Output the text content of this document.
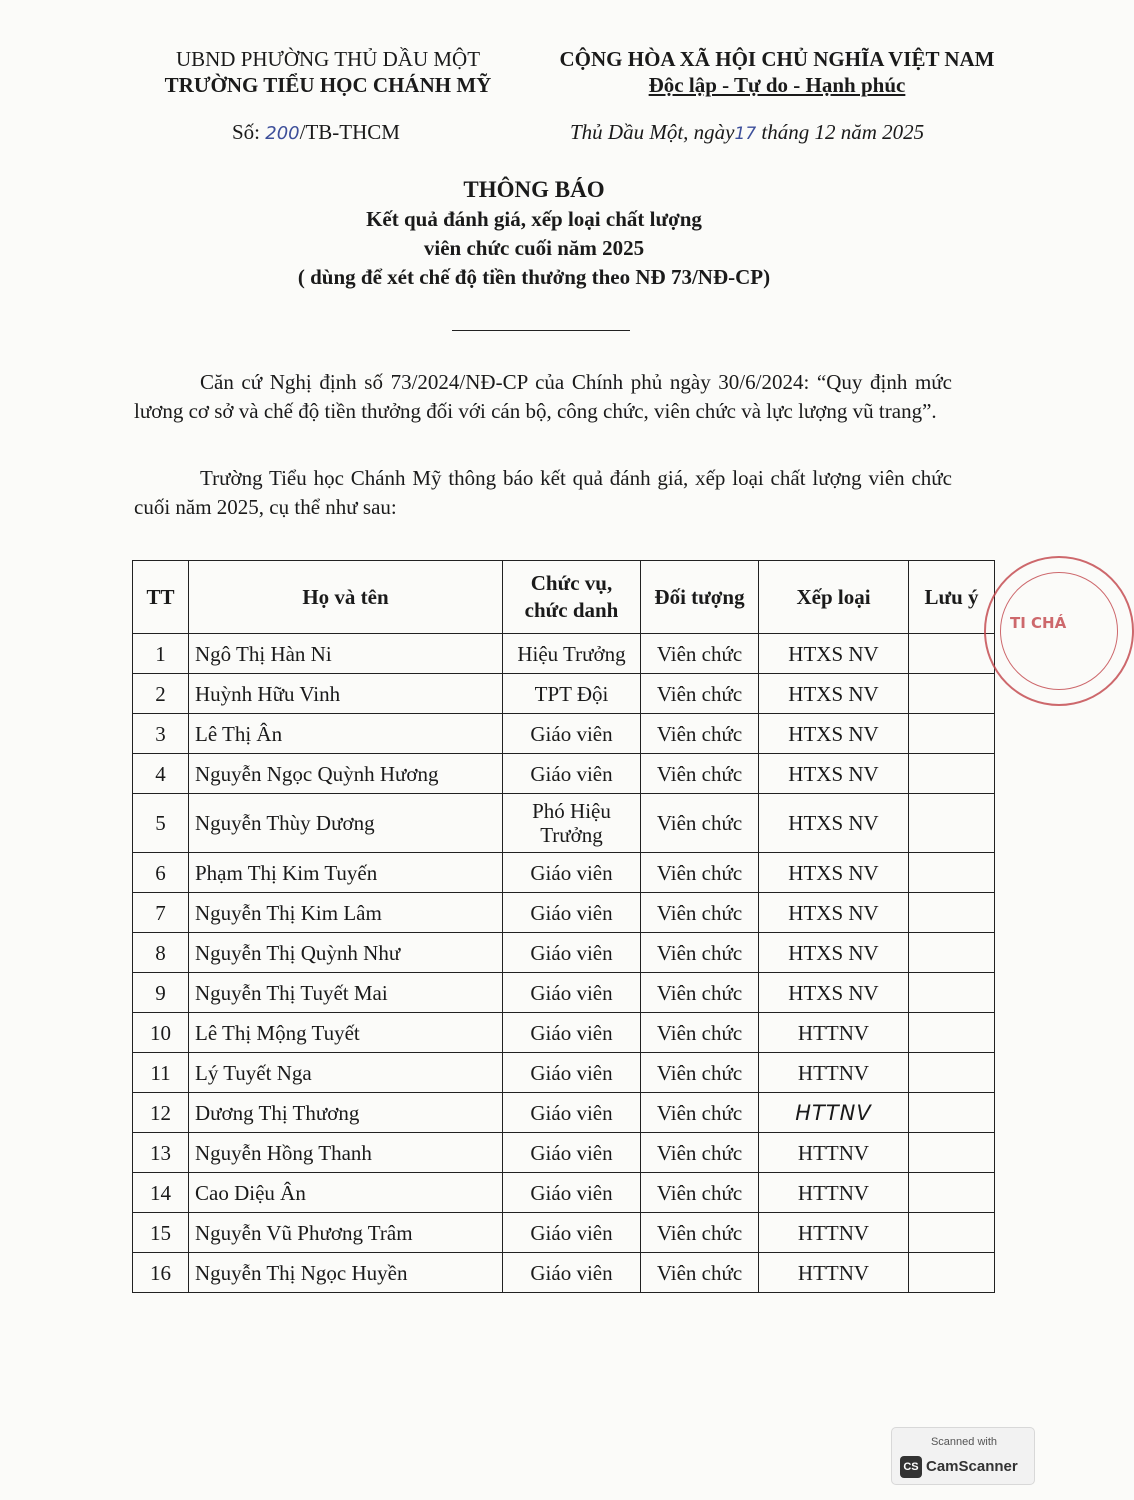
UBND PHƯỜNG THỦ DẦU MỘT
TRƯỜNG TIỂU HỌC CHÁNH MỸ
CỘNG HÒA XÃ HỘI CHỦ NGHĨA VIỆT NAM
Độc lập - Tự do - Hạnh phúc
Số: 200/TB-THCM	Thủ Dầu Một, ngày17 tháng 12 năm 2025
THÔNG BÁO
Kết quả đánh giá, xếp loại chất lượng
viên chức cuối năm 2025
( dùng để xét chế độ tiền thưởng theo NĐ 73/NĐ-CP)
Căn cứ Nghị định số 73/2024/NĐ-CP của Chính phủ ngày 30/6/2024: “Quy định mức lương cơ sở và chế độ tiền thưởng đối với cán bộ, công chức, viên chức và lực lượng vũ trang”.
Trường Tiểu học Chánh Mỹ thông báo kết quả đánh giá, xếp loại chất lượng viên chức cuối năm 2025, cụ thể như sau:
TT	Họ và tên	Chức vụ, chức danh	Đối tượng	Xếp loại	Lưu ý
1	Ngô Thị Hàn Ni	Hiệu Trưởng	Viên chức	HTXS NV	
2	Huỳnh Hữu Vinh	TPT Đội	Viên chức	HTXS NV	
3	Lê Thị Ân	Giáo viên	Viên chức	HTXS NV	
4	Nguyễn Ngọc Quỳnh Hương	Giáo viên	Viên chức	HTXS NV	
5	Nguyễn Thùy Dương	Phó Hiệu Trưởng	Viên chức	HTXS NV	
6	Phạm Thị Kim Tuyến	Giáo viên	Viên chức	HTXS NV	
7	Nguyễn Thị Kim Lâm	Giáo viên	Viên chức	HTXS NV	
8	Nguyễn Thị Quỳnh Như	Giáo viên	Viên chức	HTXS NV	
9	Nguyễn Thị Tuyết Mai	Giáo viên	Viên chức	HTXS NV	
10	Lê Thị Mộng Tuyết	Giáo viên	Viên chức	HTTNV	
11	Lý Tuyết Nga	Giáo viên	Viên chức	HTTNV	
12	Dương Thị Thương	Giáo viên	Viên chức	HTTNV	
13	Nguyễn Hồng Thanh	Giáo viên	Viên chức	HTTNV	
14	Cao Diệu Ân	Giáo viên	Viên chức	HTTNV	
15	Nguyễn Vũ Phương Trâm	Giáo viên	Viên chức	HTTNV	
16	Nguyễn Thị Ngọc Huyền	Giáo viên	Viên chức	HTTNV	
TI CHÁ
Scanned with
CS CamScanner
